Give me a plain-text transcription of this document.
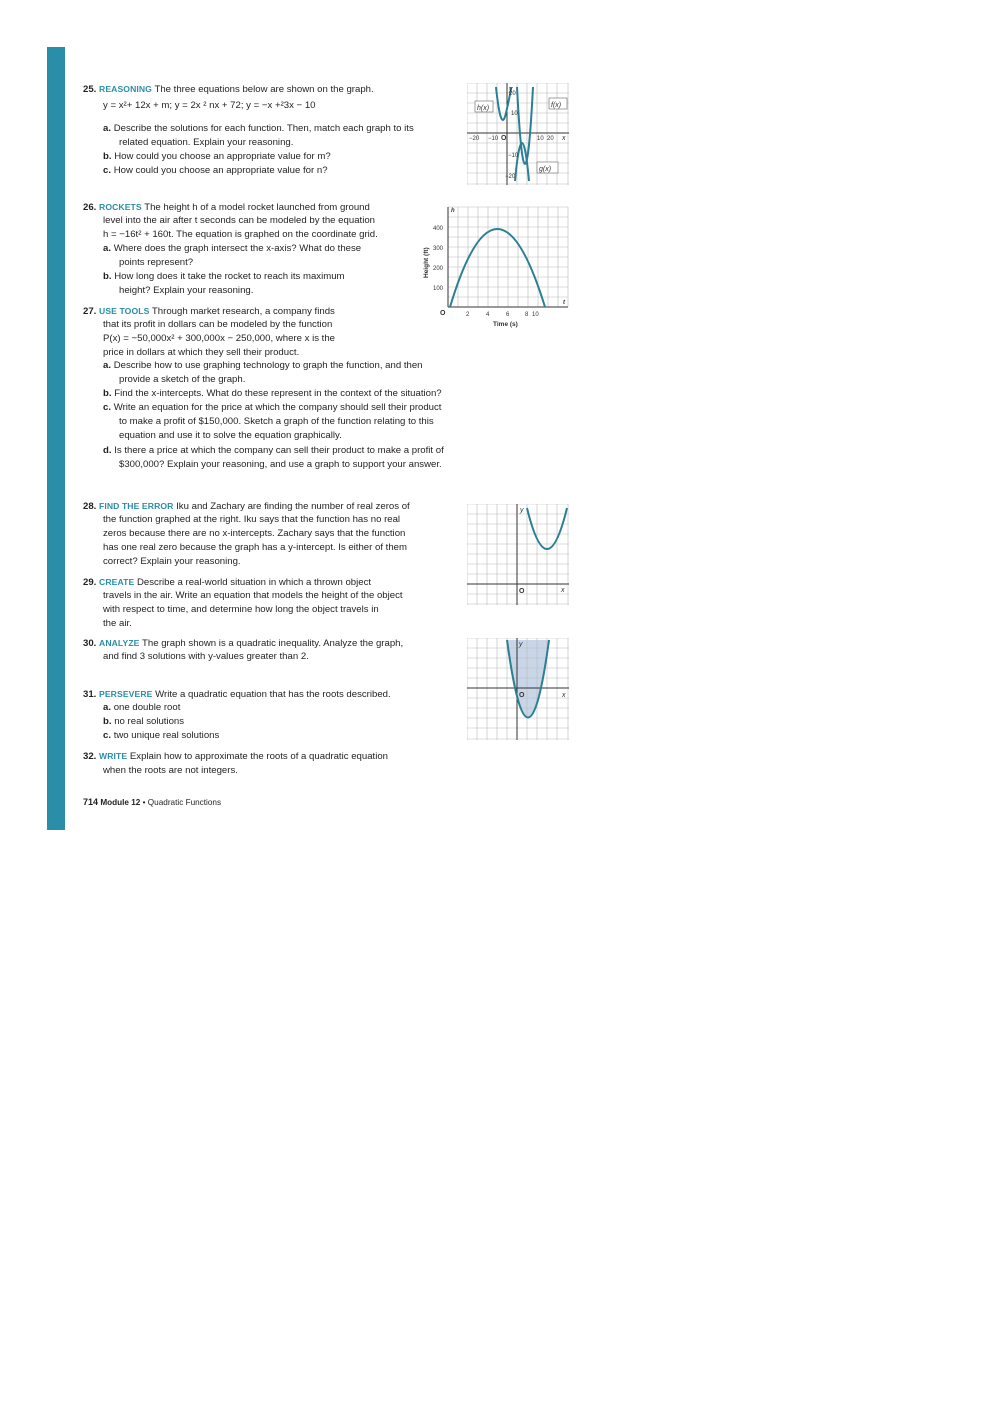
25. REASONING The three equations below are shown on the graph.
y = x²+ 12x + m; y = 2x ² nx + 72; y = −x +²3x − 10
a. Describe the solutions for each function. Then, match each graph to its
related equation. Explain your reasoning.
b. How could you choose an appropriate value for m?
c. How could you choose an appropriate value for n?
h(x)	f(x)
g(x)
y
x
O
20
10
−10
−20
−20 −10	10 20
26. ROCKETS The height h of a model rocket launched from ground
level into the air after t seconds can be modeled by the equation
h = −16t² + 160t. The equation is graphed on the coordinate grid.
a. Where does the graph intersect the x-axis? What do these
points represent?
b. How long does it take the rocket to reach its maximum
height? Explain your reasoning.
h
t
O
100
200
300
400
2	4	6	8 10
Time (s)
Height (ft)
27. USE TOOLS Through market research, a company finds
that its profit in dollars can be modeled by the function
P(x) = −50,000x² + 300,000x − 250,000, where x is the
price in dollars at which they sell their product.
a. Describe how to use graphing technology to graph the function, and then
provide a sketch of the graph.
b. Find the x-intercepts. What do these represent in the context of the situation?
c. Write an equation for the price at which the company should sell their product
to make a profit of $150,000. Sketch a graph of the function relating to this
equation and use it to solve the equation graphically.
d. Is there a price at which the company can sell their product to make a profit of
$300,000? Explain your reasoning, and use a graph to support your answer.
28. FIND THE ERROR Iku and Zachary are finding the number of real zeros of
the function graphed at the right. Iku says that the function has no real
zeros because there are no x-intercepts. Zachary says that the function
has one real zero because the graph has a y-intercept. Is either of them
correct? Explain your reasoning.
y
x
O
29. CREATE Describe a real-world situation in which a thrown object
travels in the air. Write an equation that models the height of the object
with respect to time, and determine how long the object travels in
the air.
30. ANALYZE The graph shown is a quadratic inequality. Analyze the graph,
and find 3 solutions with y-values greater than 2.
y
x
O
31. PERSEVERE Write a quadratic equation that has the roots described.
a. one double root
b. no real solutions
c. two unique real solutions
32. WRITE Explain how to approximate the roots of a quadratic equation
when the roots are not integers.
714 Module 12 • Quadratic Functions
